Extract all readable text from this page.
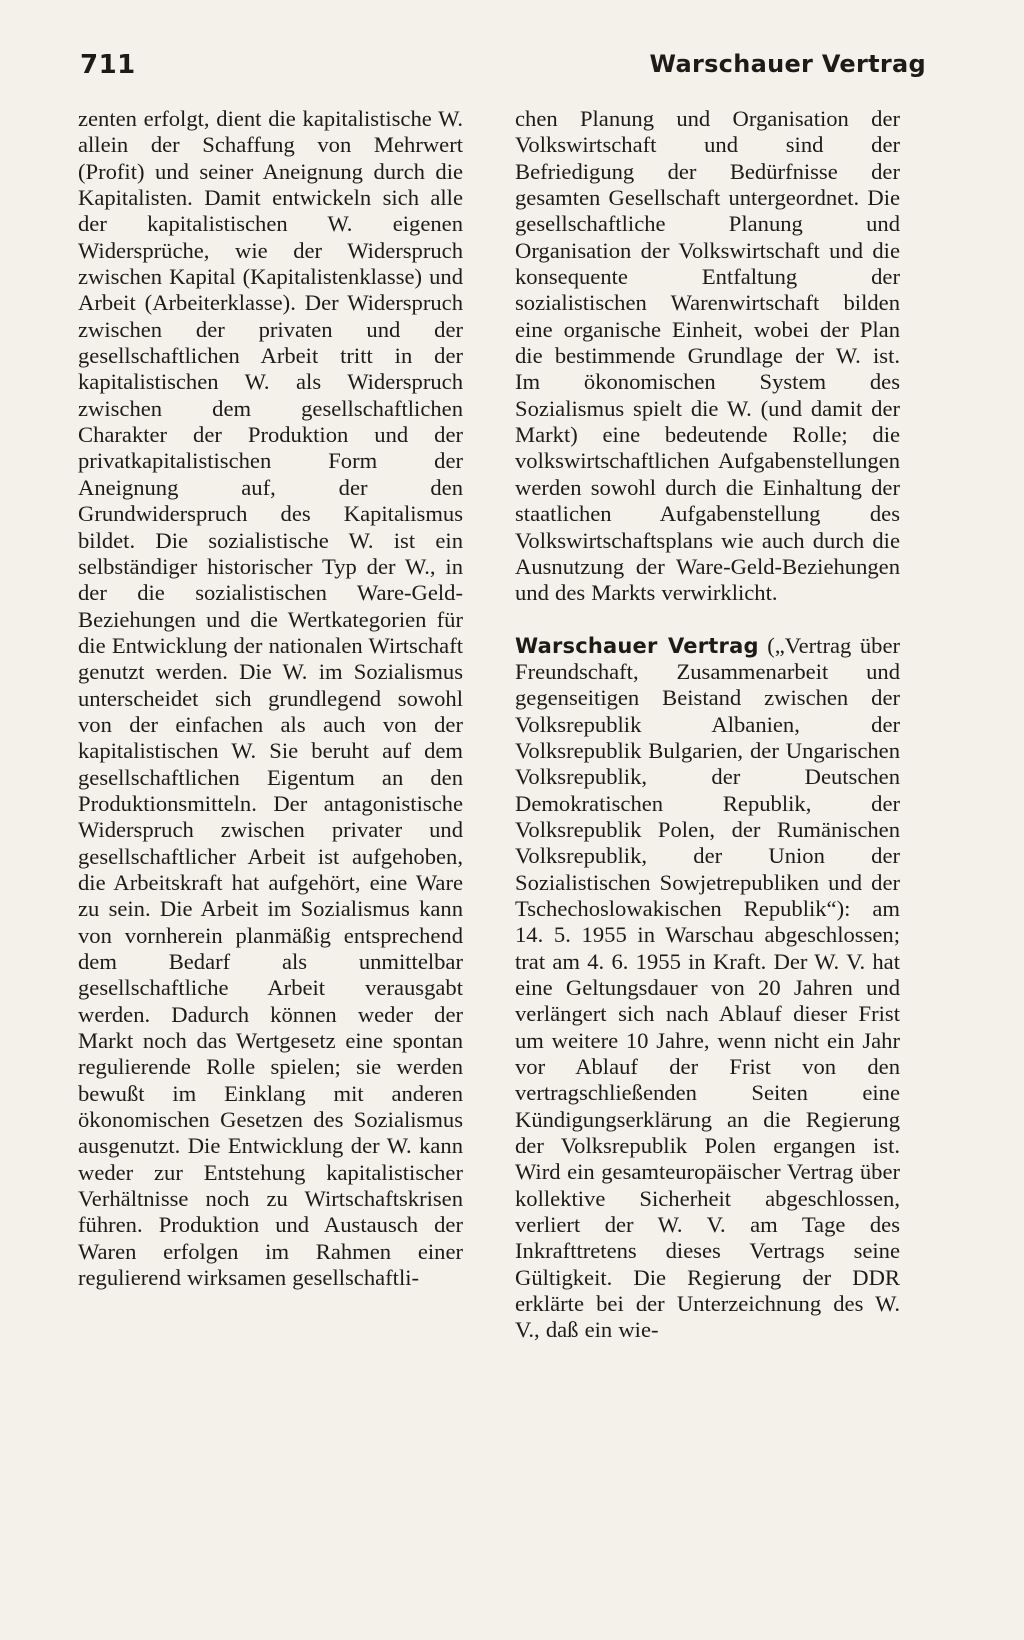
711	Warschauer Vertrag

zenten erfolgt, dient die kapitalistische W. allein der Schaffung von Mehrwert (Profit) und seiner Aneignung durch die Kapitalisten. Damit entwickeln sich alle der kapitalistischen W. eigenen Widersprüche, wie der Widerspruch zwischen Kapital (Kapitalistenklasse) und Arbeit (Arbeiterklasse). Der Widerspruch zwischen der privaten und der gesellschaftlichen Arbeit tritt in der kapitalistischen W. als Widerspruch zwischen dem gesellschaftlichen Charakter der Produktion und der privatkapitalistischen Form der Aneignung auf, der den Grundwiderspruch des Kapitalismus bildet. Die sozialistische W. ist ein selbständiger historischer Typ der W., in der die sozialistischen Ware-Geld-Beziehungen und die Wertkategorien für die Entwicklung der nationalen Wirtschaft genutzt werden. Die W. im Sozialismus unterscheidet sich grundlegend sowohl von der einfachen als auch von der kapitalistischen W. Sie beruht auf dem gesellschaftlichen Eigentum an den Produktionsmitteln. Der antagonistische Widerspruch zwischen privater und gesellschaftlicher Arbeit ist aufgehoben, die Arbeitskraft hat aufgehört, eine Ware zu sein. Die Arbeit im Sozialismus kann von vornherein planmäßig entsprechend dem Bedarf als unmittelbar gesellschaftliche Arbeit verausgabt werden. Dadurch können weder der Markt noch das Wertgesetz eine spontan regulierende Rolle spielen; sie werden bewußt im Einklang mit anderen ökonomischen Gesetzen des Sozialismus ausgenutzt. Die Entwicklung der W. kann weder zur Entstehung kapitalistischer Verhältnisse noch zu Wirtschaftskrisen führen. Produktion und Austausch der Waren erfolgen im Rahmen einer regulierend wirksamen gesellschaftli-

chen Planung und Organisation der Volkswirtschaft und sind der Befriedigung der Bedürfnisse der gesamten Gesellschaft untergeordnet. Die gesellschaftliche Planung und Organisation der Volkswirtschaft und die konsequente Entfaltung der sozialistischen Warenwirtschaft bilden eine organische Einheit, wobei der Plan die bestimmende Grundlage der W. ist. Im ökonomischen System des Sozialismus spielt die W. (und damit der Markt) eine bedeutende Rolle; die volkswirtschaftlichen Aufgabenstellungen werden sowohl durch die Einhaltung der staatlichen Aufgabenstellung des Volkswirtschaftsplans wie auch durch die Ausnutzung der Ware-Geld-Beziehungen und des Markts verwirklicht.

Warschauer Vertrag („Vertrag über Freundschaft, Zusammenarbeit und gegenseitigen Beistand zwischen der Volksrepublik Albanien, der Volksrepublik Bulgarien, der Ungarischen Volksrepublik, der Deutschen Demokratischen Republik, der Volksrepublik Polen, der Rumänischen Volksrepublik, der Union der Sozialistischen Sowjetrepubliken und der Tschechoslowakischen Republik“): am 14. 5. 1955 in Warschau abgeschlossen; trat am 4. 6. 1955 in Kraft. Der W. V. hat eine Geltungsdauer von 20 Jahren und verlängert sich nach Ablauf dieser Frist um weitere 10 Jahre, wenn nicht ein Jahr vor Ablauf der Frist von den vertragschließenden Seiten eine Kündigungserklärung an die Regierung der Volksrepublik Polen ergangen ist. Wird ein gesamteuropäischer Vertrag über kollektive Sicherheit abgeschlossen, verliert der W. V. am Tage des Inkrafttretens dieses Vertrags seine Gültigkeit. Die Regierung der DDR erklärte bei der Unterzeichnung des W. V., daß ein wie-
